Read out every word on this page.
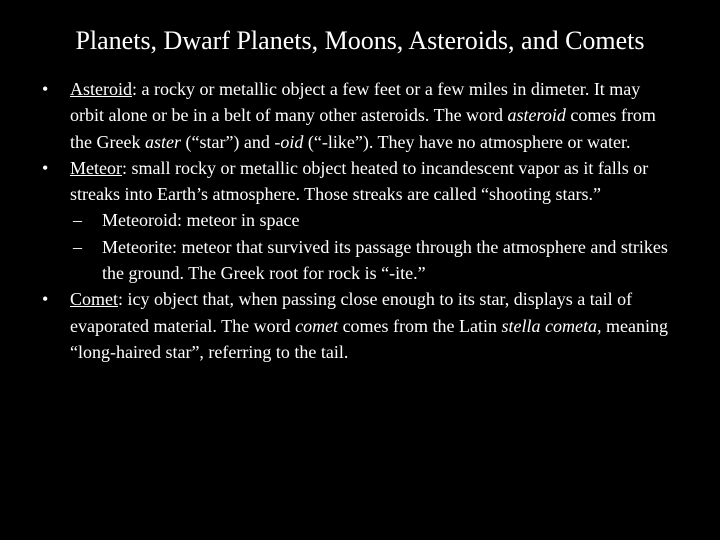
Planets, Dwarf Planets, Moons, Asteroids, and Comets
• Asteroid: a rocky or metallic object a few feet or a few miles in dimeter. It may orbit alone or be in a belt of many other asteroids. The word asteroid comes from the Greek aster (“star”) and -oid (“-like”). They have no atmosphere or water.
• Meteor: small rocky or metallic object heated to incandescent vapor as it falls or streaks into Earth’s atmosphere. Those streaks are called “shooting stars.”
– Meteoroid: meteor in space
– Meteorite: meteor that survived its passage through the atmosphere and strikes the ground. The Greek root for rock is “-ite.”
• Comet: icy object that, when passing close enough to its star, displays a tail of evaporated material. The word comet comes from the Latin stella cometa, meaning “long-haired star”, referring to the tail.
